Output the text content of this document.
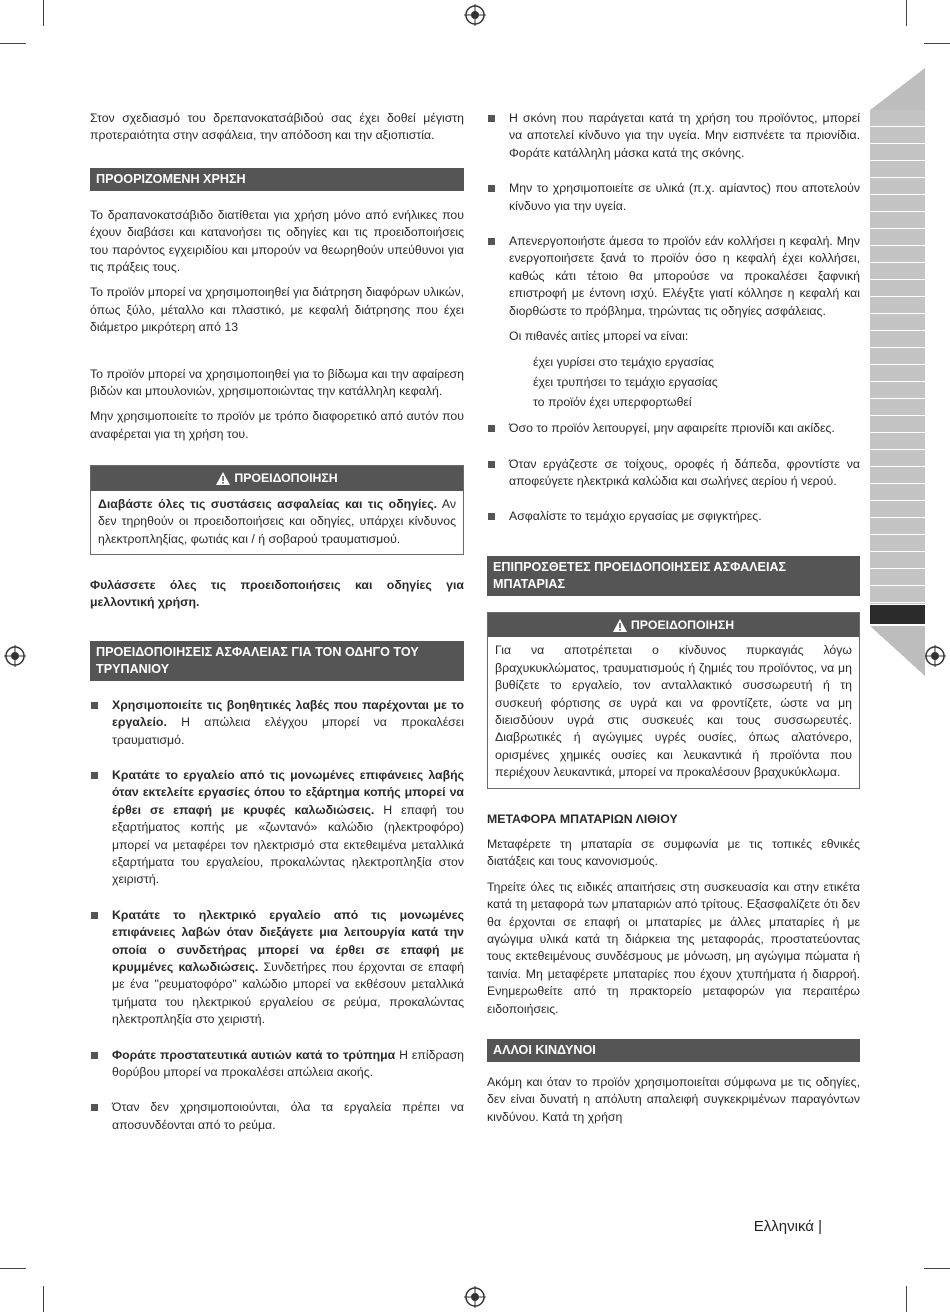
Στον σχεδιασμό του δρεπανοκατσάβιδού σας έχει δοθεί μέγιστη προτεραιότητα στην ασφάλεια, την απόδοση και την αξιοπιστία.

ΠΡΟΟΡΙΖΟΜΕΝΗ ΧΡΗΣΗ

Το δραπανοκατσάβιδο διατίθεται για χρήση μόνο από ενήλικες που έχουν διαβάσει και κατανοήσει τις οδηγίες και τις προειδοποιήσεις του παρόντος εγχειριδίου και μπορούν να θεωρηθούν υπεύθυνοι για τις πράξεις τους.

Το προϊόν μπορεί να χρησιμοποιηθεί για διάτρηση διαφόρων υλικών, όπως ξύλο, μέταλλο και πλαστικό, με κεφαλή διάτρησης που έχει διάμετρο μικρότερη από 13

Το προϊόν μπορεί να χρησιμοποιηθεί για το βίδωμα και την αφαίρεση βιδών και μπουλονιών, χρησιμοποιώντας την κατάλληλη κεφαλή.

Μην χρησιμοποιείτε το προϊόν με τρόπο διαφορετικό από αυτόν που αναφέρεται για τη χρήση του.

ΠΡΟΕΙΔΟΠΟΙΗΣΗ
Διαβάστε όλες τις συστάσεις ασφαλείας και τις οδηγίες. Αν δεν τηρηθούν οι προειδοποιήσεις και οδηγίες, υπάρχει κίνδυνος ηλεκτροπληξίας, φωτιάς και / ή σοβαρού τραυματισμού.

Φυλάσσετε όλες τις προειδοποιήσεις και οδηγίες για μελλοντική χρήση.

ΠΡΟΕΙΔΟΠΟΙΗΣΕΙΣ ΑΣΦΑΛΕΙΑΣ ΓΙΑ ΤΟΝ ΟΔΗΓΟ ΤΟΥ ΤΡΥΠΑΝΙΟΥ
Χρησιμοποιείτε τις βοηθητικές λαβές που παρέχονται με το εργαλείο. Η απώλεια ελέγχου μπορεί να προκαλέσει τραυματισμό.
Κρατάτε το εργαλείο από τις μονωμένες επιφάνειες λαβής όταν εκτελείτε εργασίες όπου το εξάρτημα κοπής μπορεί να έρθει σε επαφή με κρυφές καλωδιώσεις. Η επαφή του εξαρτήματος κοπής με «ζωντανό» καλώδιο (ηλεκτροφόρο) μπορεί να μεταφέρει τον ηλεκτρισμό στα εκτεθειμένα μεταλλικά εξαρτήματα του εργαλείου, προκαλώντας ηλεκτροπληξία στον χειριστή.
Κρατάτε το ηλεκτρικό εργαλείο από τις μονωμένες επιφάνειες λαβών όταν διεξάγετε μια λειτουργία κατά την οποία ο συνδετήρας μπορεί να έρθει σε επαφή με κρυμμένες καλωδιώσεις. Συνδετήρες που έρχονται σε επαφή με ένα "ρευματοφόρο" καλώδιο μπορεί να εκθέσουν μεταλλικά τμήματα του ηλεκτρικού εργαλείου σε ρεύμα, προκαλώντας ηλεκτροπληξία στο χειριστή.
Φοράτε προστατευτικά αυτιών κατά το τρύπημα Η επίδραση θορύβου μπορεί να προκαλέσει απώλεια ακοής.
Όταν δεν χρησιμοποιούνται, όλα τα εργαλεία πρέπει να αποσυνδέονται από το ρεύμα.
Η σκόνη που παράγεται κατά τη χρήση του προϊόντος, μπορεί να αποτελεί κίνδυνο για την υγεία. Μην εισπνέετε τα πριονίδια. Φοράτε κατάλληλη μάσκα κατά της σκόνης.
Μην το χρησιμοποιείτε σε υλικά (π.χ. αμίαντος) που αποτελούν κίνδυνο για την υγεία.
Απενεργοποιήστε άμεσα το προϊόν εάν κολλήσει η κεφαλή. Μην ενεργοποιήσετε ξανά το προϊόν όσο η κεφαλή έχει κολλήσει, καθώς κάτι τέτοιο θα μπορούσε να προκαλέσει ξαφνική επιστροφή με έντονη ισχύ. Ελέγξτε γιατί κόλλησε η κεφαλή και διορθώστε το πρόβλημα, τηρώντας τις οδηγίες ασφάλειας.
Οι πιθανές αιτίες μπορεί να είναι:
έχει γυρίσει στο τεμάχιο εργασίας
έχει τρυπήσει το τεμάχιο εργασίας
το προϊόν έχει υπερφορτωθεί
Όσο το προϊόν λειτουργεί, μην αφαιρείτε πριονίδι και ακίδες.
Όταν εργάζεστε σε τοίχους, οροφές ή δάπεδα, φροντίστε να αποφεύγετε ηλεκτρικά καλώδια και σωλήνες αερίου ή νερού.
Ασφαλίστε το τεμάχιο εργασίας με σφιγκτήρες.
ΕΠΙΠΡΟΣΘΕΤΕΣ ΠΡΟΕΙΔΟΠΟΙΗΣΕΙΣ ΑΣΦΑΛΕΙΑΣ ΜΠΑΤΑΡΙΑΣ
ΠΡΟΕΙΔΟΠΟΙΗΣΗ
Για να αποτρέπεται ο κίνδυνος πυρκαγιάς λόγω βραχυκυκλώματος, τραυματισμούς ή ζημιές του προϊόντος, να μη βυθίζετε το εργαλείο, τον ανταλλακτικό συσσωρευτή ή τη συσκευή φόρτισης σε υγρά και να φροντίζετε, ώστε να μη διεισδύουν υγρά στις συσκευές και τους συσσωρευτές. Διαβρωτικές ή αγώγιμες υγρές ουσίες, όπως αλατόνερο, ορισμένες χημικές ουσίες και λευκαντικά ή προϊόντα που περιέχουν λευκαντικά, μπορεί να προκαλέσουν βραχυκύκλωμα.
ΜΕΤΑΦΟΡΑ ΜΠΑΤΑΡΙΩΝ ΛΙΘΙΟΥ

Μεταφέρετε τη μπαταρία σε συμφωνία με τις τοπικές εθνικές διατάξεις και τους κανονισμούς.

Τηρείτε όλες τις ειδικές απαιτήσεις στη συσκευασία και στην ετικέτα κατά τη μεταφορά των μπαταριών από τρίτους. Εξασφαλίζετε ότι δεν θα έρχονται σε επαφή οι μπαταρίες με άλλες μπαταρίες ή με αγώγιμα υλικά κατά τη διάρκεια της μεταφοράς, προστατεύοντας τους εκτεθειμένους συνδέσμους με μόνωση, μη αγώγιμα πώματα ή ταινία. Μη μεταφέρετε μπαταρίες που έχουν χτυπήματα ή διαρροή. Ενημερωθείτε από τη πρακτορείο μεταφορών για περαιτέρω ειδοποιήσεις.

ΑΛΛΟΙ ΚΙΝΔΥΝΟΙ

Ακόμη και όταν το προϊόν χρησιμοποιείται σύμφωνα με τις οδηγίες, δεν είναι δυνατή η απόλυτη απαλειφή συγκεκριμένων παραγόντων κινδύνου. Κατά τη χρήση

Ελληνικά |
